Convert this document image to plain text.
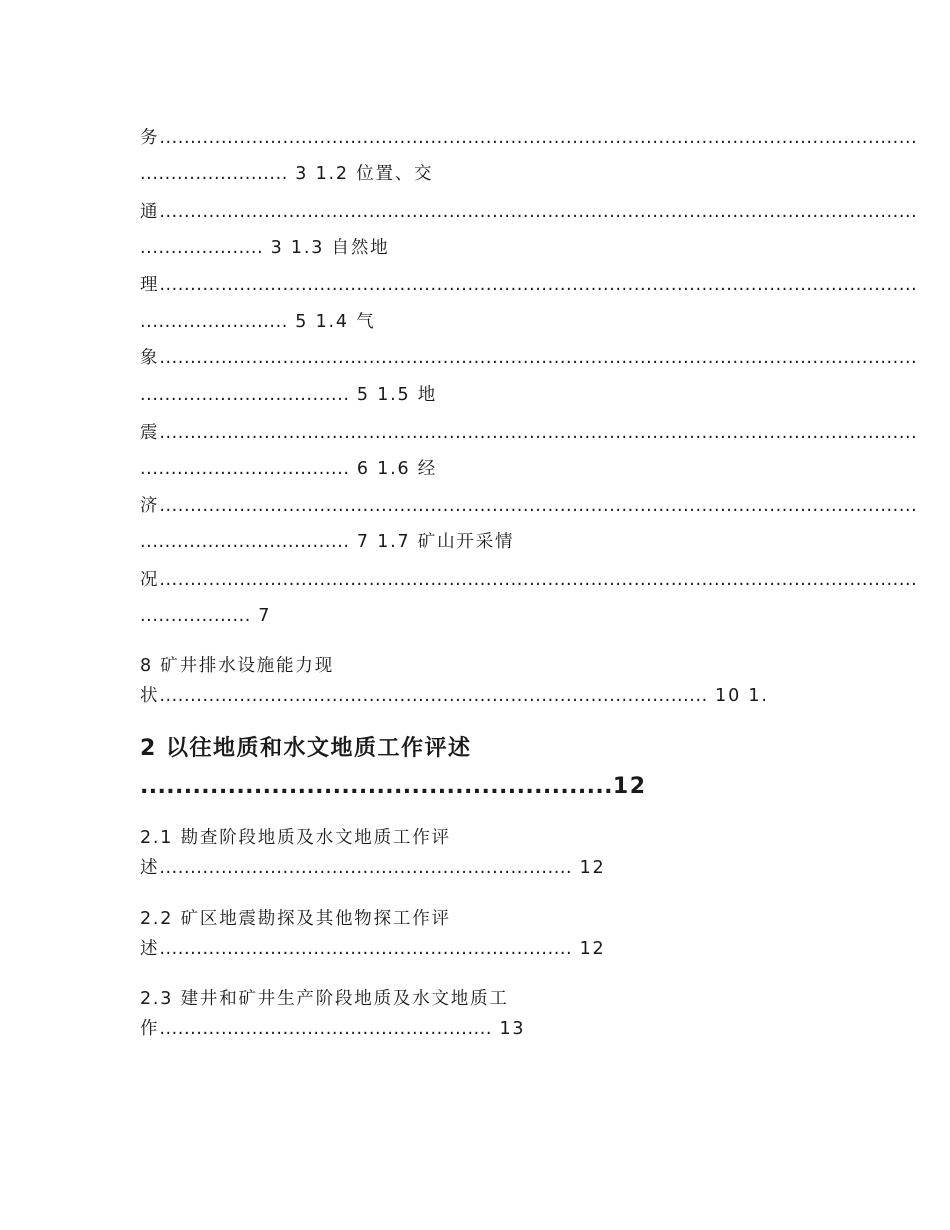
务...........................................................................................................................
........................ 3 1.2 位置、交
通...........................................................................................................................
.................... 3 1.3 自然地
理...........................................................................................................................
........................ 5 1.4 气
象...........................................................................................................................
.................................. 5 1.5 地
震...........................................................................................................................
.................................. 6 1.6 经
济...........................................................................................................................
.................................. 7 1.7 矿山开采情
况...........................................................................................................................
.................. 7
8 矿井排水设施能力现
状......................................................................................... 10 1.
2 以往地质和水文地质工作评述
......................................................12
2.1 勘查阶段地质及水文地质工作评
述................................................................... 12
2.2 矿区地震勘探及其他物探工作评
述................................................................... 12
2.3 建井和矿井生产阶段地质及水文地质工
作...................................................... 13
